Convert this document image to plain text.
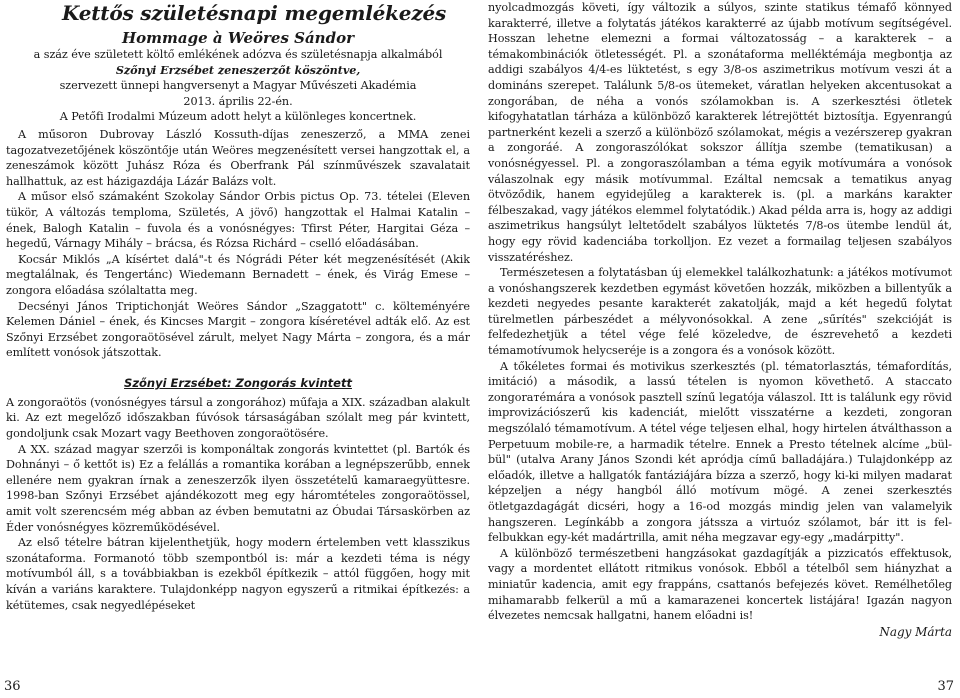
Kettős születésnapi megemlékezés
Hommage à Weöres Sándor

a száz éve született költő emlékének adózva és születésnapja alkalmából

Szőnyi Erzsébet zeneszerzőt köszöntve,

szervezett ünnepi hangversenyt a Magyar Művészeti Akadémia

2013. április 22-én.

A Petőfi Irodalmi Múzeum adott helyt a különleges koncertnek.

A műsoron Dubrovay László Kossuth-díjas zeneszerző, a MMA zenei tagozatvezetőjének köszöntője után Weöres megzenésített versei hangzottak el, a zeneszámok között Juhász Róza és Oberfrank Pál színművészek szavalatait hallhattuk, az est házigazdája Lázár Balázs volt.

A műsor első számaként Szokolay Sándor Orbis pictus Op. 73. tételei (Eleven tükör, A változás temploma, Születés, A jövő) hangzottak el Halmai Katalin – ének, Balogh Katalin – fuvola és a vonósnégyes: Tfirst Péter, Hargitai Géza – hegedű, Várnagy Mihály – brácsa, és Rózsa Richárd – cselló előadásában.

Kocsár Miklós „A kísértet dalá"-t és Nógrádi Péter két megzenésítését (Akik megtalálnak, és Tengertánc) Wiedemann Bernadett – ének, és Virág Emese – zongora előadása szólaltatta meg.

Decsényi János Triptichonját Weöres Sándor „Szaggatott" c. költeményére Kelemen Dániel – ének, és Kincses Margit – zongora kíséretével adták elő. Az est Szőnyi Erzsébet zongoraötösével zárult, melyet Nagy Márta – zongora, és a már említett vonósok játszottak.

Szőnyi Erzsébet: Zongorás kvintett

A zongoraötös (vonósnégyes társul a zongorához) műfaja a XIX. században alakult ki. Az ezt megelőző időszakban fúvósok társaságában szólalt meg pár kvintett, gondoljunk csak Mozart vagy Beethoven zongoraötösére.

A XX. század magyar szerzői is komponáltak zongorás kvintettet (pl. Bartók és Dohnányi – ő kettőt is) Ez a felállás a romantika korában a legnépszerűbb, ennek ellenére nem gyakran írnak a zeneszerzők ilyen összetételű kamaraegyüttesre. 1998-ban Szőnyi Erzsébet ajándékozott meg egy háromtételes zongoraötössel, amit volt szerencsém még abban az évben bemutatni az Óbudai Társaskörben az Éder vonósnégyes közreműködésével.

Az első tételre bátran kijelenthetjük, hogy modern értelemben vett klasszikus szonátaforma. Formanotó több szempontból is: már a kezdeti téma is négy motívumból áll, s a továbbiakban is ezekből építkezik – attól függően, hogy mit kíván a variáns karaktere. Tulajdonképp nagyon egyszerű a ritmikai építkezés: a kétütemes, csak negyedlépéseket

36

nyolcadmozgás követi, így változik a súlyos, szinte statikus témafő könnyed karakterré, illetve a folytatás játékos karakterré az újabb motívum segítségével. Hosszan lehetne elemezni a formai változatosság – a karakterek – a témakombinációk ötletességét. Pl. a szonátaforma melléktémája megbontja az addigi szabályos 4/4-es lüktetést, s egy 3/8-os aszimetrikus motívum veszi át a domináns szerepet. Találunk 5/8-os ütemeket, váratlan helyeken akcentusokat a zongorában, de néha a vonós szólamokban is. A szerkesztési ötletek kifogyhatatlan tárháza a különböző karakterek létrejöttét biztosítja. Egyenrangú partnerként kezeli a szerző a különböző szólamokat, mégis a vezérszerep gyakran a zongoráé. A zongoraszólókat sokszor állítja szembe (tematikusan) a vonósnégyessel. Pl. a zongoraszólamban a téma egyik motívumára a vonósok válaszolnak egy másik motívummal. Ezáltal nemcsak a tematikus anyag ötvöződik, hanem egyidejűleg a karakterek is. (pl. a markáns karakter félbeszakad, vagy játékos elemmel folytatódik.) Akad példa arra is, hogy az addigi aszimetrikus hangsúlyt leltetődelt szabályos lüktetés 7/8-os ütembe lendül át, hogy egy rövid kadenciába torkolljon. Ez vezet a formailag teljesen szabályos visszatéréshez.

Természetesen a folytatásban új elemekkel találkozhatunk: a játékos motívumot a vonóshangszerek kezdetben egymást követően hozzák, miközben a billentyűk a kezdeti negyedes pesante karakterét zakatolják, majd a két hegedű folytat türelmetlen párbeszédet a mélyvonósokkal. A zene „sűrítés" szekcióját is felfedezhetjük a tétel vége felé közeledve, de észrevehető a kezdeti témamotívumok helycseréje is a zongora és a vonósok között.

A tőkéletes formai és motivikus szerkesztés (pl. tématorlasztás, témafordítás, imitáció) a második, a lassú tételen is nyomon követhető. A staccato zongorатémára a vonósok pasztell színű legatója válaszol. Itt is találunk egy rövid improvizációszerű kis kadenciát, mielőtt visszatérne a kezdeti, zongoran megszólaló témamotívum. A tétel vége teljesen elhal, hogy hirtelen átválthasson a Perpetuum mobile-re, a harmadik tételre. Ennek a Presto tételnek alcíme „bül-bül" (utalva Arany János Szondi két apródja című balladájára.) Tulajdonképp az előadók, illetve a hallgatók fantáziájára bízza a szerző, hogy ki-ki milyen madarat képzeljen a négy hangból álló motívum mögé. A zenei szerkesztés ötletgazdagágát dicséri, hogy a 16-od mozgás mindig jelen van valamelyik hangszeren. Legínkább a zongora játssza a virtuóz szólamot, bár itt is fel-felbukkan egy-két madártrilla, amit néha megzavar egy-egy „madárpitty".

A különböző természetbeni hangzásokat gazdagítják a pizzicatós effektusok, vagy a mordentet ellátott ritmikus vonósok. Ebből a tételből sem hiányzhat a miniatűr kadencia, amit egy frappáns, csattanós befejezés követ. Remélhetőleg mihamarabb felkerül a mű a kamarazenei koncertek listájára! Igazán nagyon élvezetes nemcsak hallgatni, hanem előadni is!

Nagy Márta

37
